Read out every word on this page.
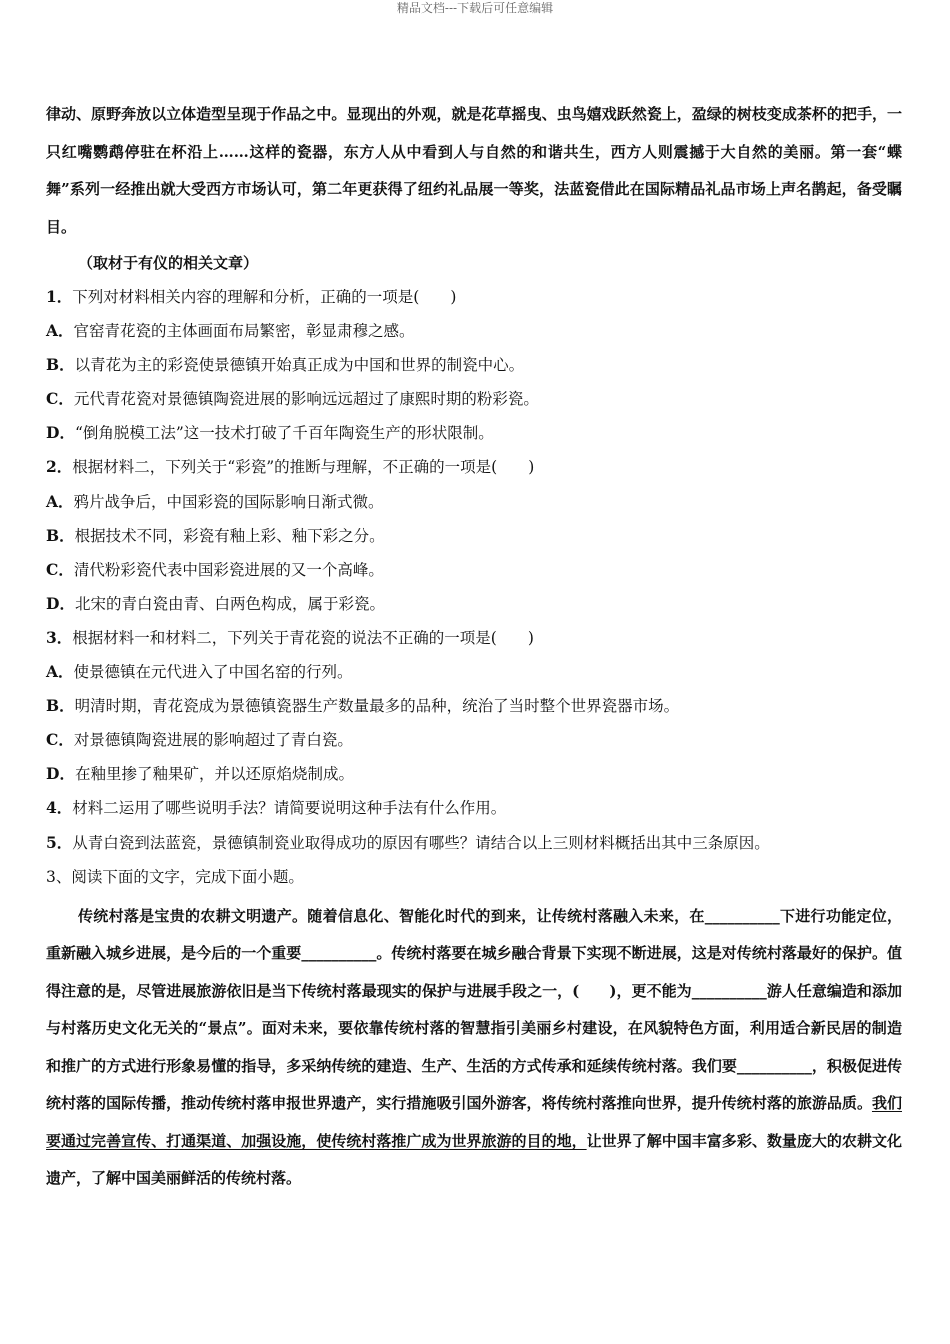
精品文档---下载后可任意编辑

律动、原野奔放以立体造型呈现于作品之中。显现出的外观，就是花草摇曳、虫鸟嬉戏跃然瓷上，盈绿的树枝变成茶杯的把手，一只红嘴鹦鹉停驻在杯沿上……这样的瓷器，东方人从中看到人与自然的和谐共生，西方人则震撼于大自然的美丽。第一套“蝶舞”系列一经推出就大受西方市场认可，第二年更获得了纽约礼品展一等奖，法蓝瓷借此在国际精品礼品市场上声名鹊起，备受瞩目。

（取材于有仪的相关文章）

1．下列对材料相关内容的理解和分析，正确的一项是(　　)

A．官窑青花瓷的主体画面布局繁密，彰显肃穆之感。

B．以青花为主的彩瓷使景德镇开始真正成为中国和世界的制瓷中心。

C．元代青花瓷对景德镇陶瓷进展的影响远远超过了康熙时期的粉彩瓷。

D．“倒角脱模工法”这一技术打破了千百年陶瓷生产的形状限制。

2．根据材料二，下列关于“彩瓷”的推断与理解，不正确的一项是(　　)

A．鸦片战争后，中国彩瓷的国际影响日渐式微。

B．根据技术不同，彩瓷有釉上彩、釉下彩之分。

C．清代粉彩瓷代表中国彩瓷进展的又一个高峰。

D．北宋的青白瓷由青、白两色构成，属于彩瓷。

3．根据材料一和材料二，下列关于青花瓷的说法不正确的一项是(　　)

A．使景德镇在元代进入了中国名窑的行列。

B．明清时期，青花瓷成为景德镇瓷器生产数量最多的品种，统治了当时整个世界瓷器市场。

C．对景德镇陶瓷进展的影响超过了青白瓷。

D．在釉里掺了釉果矿，并以还原焰烧制成。

4．材料二运用了哪些说明手法？请简要说明这种手法有什么作用。

5．从青白瓷到法蓝瓷，景德镇制瓷业取得成功的原因有哪些？请结合以上三则材料概括出其中三条原因。

3、阅读下面的文字，完成下面小题。

传统村落是宝贵的农耕文明遗产。随着信息化、智能化时代的到来，让传统村落融入未来，在__________下进行功能定位，重新融入城乡进展，是今后的一个重要__________。传统村落要在城乡融合背景下实现不断进展，这是对传统村落最好的保护。值得注意的是，尽管进展旅游依旧是当下传统村落最现实的保护与进展手段之一，(　　)，更不能为__________游人任意编造和添加与村落历史文化无关的“景点”。面对未来，要依靠传统村落的智慧指引美丽乡村建设，在风貌特色方面，利用适合新民居的制造和推广的方式进行形象易懂的指导，多采纳传统的建造、生产、生活的方式传承和延续传统村落。我们要__________，积极促进传统村落的国际传播，推动传统村落申报世界遗产，实行措施吸引国外游客，将传统村落推向世界，提升传统村落的旅游品质。我们要通过完善宣传、打通渠道、加强设施，使传统村落推广成为世界旅游的目的地，让世界了解中国丰富多彩、数量庞大的农耕文化遗产，了解中国美丽鲜活的传统村落。
